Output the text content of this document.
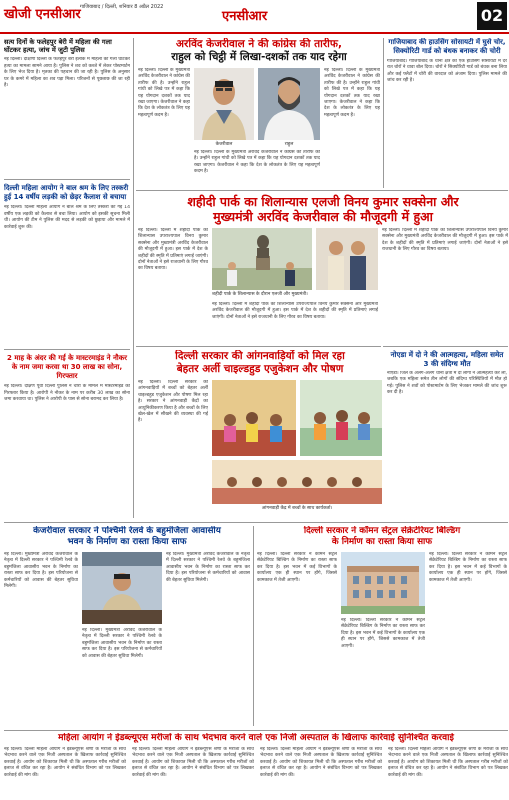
खोजी एनसीआर गाजियाबाद / दिल्ली, शनिवार 8 अप्रैल 2022
एनसीआर	02
सत्य दिनों के फलेहपुर बेरी में महिला की गला घोंटकर हत्या, जांच में जुटी पुलिस
नई दिल्ली। दक्षिणी दिल्ली के फतेहपुर बेरी इलाके में महिला की गला घोंटकर हत्या का मामला सामने आया है। पुलिस ने शव को कब्जे में लेकर पोस्टमार्टम के लिए भेज दिया है। मृतका की पहचान की जा रही है। पुलिस के अनुसार घर के कमरे में महिला का शव पड़ा मिला। परिजनों से पूछताछ की जा रही है।
दिल्ली महिला आयोग ने बाल श्रम के लिए तस्करी हुई 14 वर्षीय लड़की को छेड़र कैलाश से बचाया
नई दिल्ली। दिल्ली महिला आयोग ने बाल श्रम के लिए तस्करी की गई 14 वर्षीय एक लड़की को कैलाश से बचा लिया। आयोग को इसकी सूचना मिली थी। आयोग की टीम ने पुलिस की मदद से लड़की को छुड़ाया और मामले में कार्रवाई शुरू की।
2 माह के अंदर की गई के मास्टरमाइंड ने नौकर के नाम जमा करवा था 30 लाख का सोना, गिरफ्तार
नई दिल्ली। दक्षिण पूर्वी दिल्ली पुलिस ने चोरी के मामले में मास्टरमाइंड को गिरफ्तार किया है। आरोपी ने नौकर के नाम पर करीब 30 लाख का सोना जमा करवाया था। पुलिस ने आरोपी के पास से सोना बरामद कर लिया है।
अरविंद केजरीवाल ने की कांग्रेस की तारीफ,
राहुल को चिट्ठी में लिखा-दशकों तक याद रहेगा
नई दिल्ली। दिल्ली के मुख्यमंत्री अरविंद केजरीवाल ने कांग्रेस की तारीफ की है। उन्होंने राहुल गांधी को लिखे पत्र में कहा कि यह योगदान दशकों तक याद रखा जाएगा। केजरीवाल ने कहा कि देश के लोकतंत्र के लिए यह महत्वपूर्ण कदम है।
केजरीवाल	राहुल
नई दिल्ली। दिल्ली के मुख्यमंत्री अरविंद केजरीवाल ने कांग्रेस की तारीफ की है। उन्होंने राहुल गांधी को लिखे पत्र में कहा कि यह योगदान दशकों तक याद रखा जाएगा। केजरीवाल ने कहा कि देश के लोकतंत्र के लिए यह महत्वपूर्ण कदम है।
नई दिल्ली। दिल्ली के मुख्यमंत्री अरविंद केजरीवाल ने कांग्रेस की तारीफ की है। उन्होंने राहुल गांधी को लिखे पत्र में कहा कि यह योगदान दशकों तक याद रखा जाएगा। केजरीवाल ने कहा कि देश के लोकतंत्र के लिए यह महत्वपूर्ण कदम है।
गाजियाबाद की हाउसिंग सोसायटी में घुसे चोर, सिक्योरिटी गार्ड को बंधक बनाकर की चोरी
गाजियाबाद। गाजियाबाद के थाना क्षेत्र की एक हाउसिंग सोसायटी में देर रात चोरों ने धावा बोल दिया। चोरों ने सिक्योरिटी गार्ड को बंधक बना लिया और कई फ्लैटों में चोरी की वारदात को अंजाम दिया। पुलिस मामले की जांच कर रही है।
शहीदी पार्क का शिलान्यास एलजी विनय कुमार सक्सेना और
मुख्यमंत्री अरविंद केजरीवाल की मौजूदगी में हुआ
नई दिल्ली। दिल्ली में शहीदी पार्क का शिलान्यास उपराज्यपाल विनय कुमार सक्सेना और मुख्यमंत्री अरविंद केजरीवाल की मौजूदगी में हुआ। इस पार्क में देश के शहीदों की स्मृति में प्रतिमाएं लगाई जाएंगी। दोनों नेताओं ने इसे राजधानी के लिए गौरव का विषय बताया।
शहीदी पार्क के शिलान्यास के दौरान एलजी और मुख्यमंत्री।
नई दिल्ली। दिल्ली में शहीदी पार्क का शिलान्यास उपराज्यपाल विनय कुमार सक्सेना और मुख्यमंत्री अरविंद केजरीवाल की मौजूदगी में हुआ। इस पार्क में देश के शहीदों की स्मृति में प्रतिमाएं लगाई जाएंगी। दोनों नेताओं ने इसे राजधानी के लिए गौरव का विषय बताया।
नई दिल्ली। दिल्ली में शहीदी पार्क का शिलान्यास उपराज्यपाल विनय कुमार सक्सेना और मुख्यमंत्री अरविंद केजरीवाल की मौजूदगी में हुआ। इस पार्क में देश के शहीदों की स्मृति में प्रतिमाएं लगाई जाएंगी। दोनों नेताओं ने इसे राजधानी के लिए गौरव का विषय बताया।
नोएडा में दो ने की आत्महत्या, महिला समेत 3 की संदिग्ध मौत
नोएडा। जिले के अलग-अलग थाना क्षेत्रों में दो लोगों ने आत्महत्या कर ली, जबकि एक महिला समेत तीन लोगों की संदिग्ध परिस्थितियों में मौत हो गई। पुलिस ने शवों को पोस्टमार्टम के लिए भेजकर मामले की जांच शुरू कर दी है।
दिल्ली सरकार की आंगनवाड़ियों को मिल रहा
बेहतर अर्ली चाइल्डहुड एजुकेशन और पोषण
नई दिल्ली। दिल्ली सरकार की आंगनवाड़ियों में बच्चों को बेहतर अर्ली चाइल्डहुड एजुकेशन और पोषण मिल रहा है। सरकार ने आंगनवाड़ी केंद्रों का आधुनिकीकरण किया है और बच्चों के लिए खेल-खेल में सीखने की व्यवस्था की गई है।
आंगनवाड़ी केंद्र में बच्चों के साथ कार्यकर्ता।
केजरीवाल सरकार ने पश्चिमी रेलवे के बहुमंजिला आवासीय
भवन के निर्माण का रास्ता किया साफ
नई दिल्ली। मुख्यमंत्री अरविंद केजरीवाल के नेतृत्व में दिल्ली सरकार ने पश्चिमी रेलवे के बहुमंजिला आवासीय भवन के निर्माण का रास्ता साफ कर दिया है। इस परियोजना से कर्मचारियों को आवास की बेहतर सुविधा मिलेगी।
नई दिल्ली। मुख्यमंत्री अरविंद केजरीवाल के नेतृत्व में दिल्ली सरकार ने पश्चिमी रेलवे के बहुमंजिला आवासीय भवन के निर्माण का रास्ता साफ कर दिया है। इस परियोजना से कर्मचारियों को आवास की बेहतर सुविधा मिलेगी।
नई दिल्ली। मुख्यमंत्री अरविंद केजरीवाल के नेतृत्व में दिल्ली सरकार ने पश्चिमी रेलवे के बहुमंजिला आवासीय भवन के निर्माण का रास्ता साफ कर दिया है। इस परियोजना से कर्मचारियों को आवास की बेहतर सुविधा मिलेगी।
दिल्ली सरकार ने कॉमन सेंट्रल सेक्रेटेरियट बिल्डिंग
के निर्माण का रास्ता किया साफ
नई दिल्ली। दिल्ली सरकार ने कॉमन सेंट्रल सेक्रेटेरियट बिल्डिंग के निर्माण का रास्ता साफ कर दिया है। इस भवन में कई विभागों के कार्यालय एक ही स्थान पर होंगे, जिससे कामकाज में तेजी आएगी।
नई दिल्ली। दिल्ली सरकार ने कॉमन सेंट्रल सेक्रेटेरियट बिल्डिंग के निर्माण का रास्ता साफ कर दिया है। इस भवन में कई विभागों के कार्यालय एक ही स्थान पर होंगे, जिससे कामकाज में तेजी आएगी।
नई दिल्ली। दिल्ली सरकार ने कॉमन सेंट्रल सेक्रेटेरियट बिल्डिंग के निर्माण का रास्ता साफ कर दिया है। इस भवन में कई विभागों के कार्यालय एक ही स्थान पर होंगे, जिससे कामकाज में तेजी आएगी।
महिला आयोग ने ईडब्ल्यूएस मरीजों के साथ भेदभाव करने वाले एक निजी अस्पताल के खिलाफ कार्रवाई सुनिश्चित करवाई
नई दिल्ली। दिल्ली महिला आयोग ने ईडब्ल्यूएस श्रेणी के मरीजों के साथ भेदभाव करने वाले एक निजी अस्पताल के खिलाफ कार्रवाई सुनिश्चित करवाई है। आयोग को शिकायत मिली थी कि अस्पताल गरीब मरीजों को इलाज से वंचित कर रहा है। आयोग ने संबंधित विभाग को पत्र लिखकर कार्रवाई की मांग की।
नई दिल्ली। दिल्ली महिला आयोग ने ईडब्ल्यूएस श्रेणी के मरीजों के साथ भेदभाव करने वाले एक निजी अस्पताल के खिलाफ कार्रवाई सुनिश्चित करवाई है। आयोग को शिकायत मिली थी कि अस्पताल गरीब मरीजों को इलाज से वंचित कर रहा है। आयोग ने संबंधित विभाग को पत्र लिखकर कार्रवाई की मांग की।
नई दिल्ली। दिल्ली महिला आयोग ने ईडब्ल्यूएस श्रेणी के मरीजों के साथ भेदभाव करने वाले एक निजी अस्पताल के खिलाफ कार्रवाई सुनिश्चित करवाई है। आयोग को शिकायत मिली थी कि अस्पताल गरीब मरीजों को इलाज से वंचित कर रहा है। आयोग ने संबंधित विभाग को पत्र लिखकर कार्रवाई की मांग की।
नई दिल्ली। दिल्ली महिला आयोग ने ईडब्ल्यूएस श्रेणी के मरीजों के साथ भेदभाव करने वाले एक निजी अस्पताल के खिलाफ कार्रवाई सुनिश्चित करवाई है। आयोग को शिकायत मिली थी कि अस्पताल गरीब मरीजों को इलाज से वंचित कर रहा है। आयोग ने संबंधित विभाग को पत्र लिखकर कार्रवाई की मांग की।
